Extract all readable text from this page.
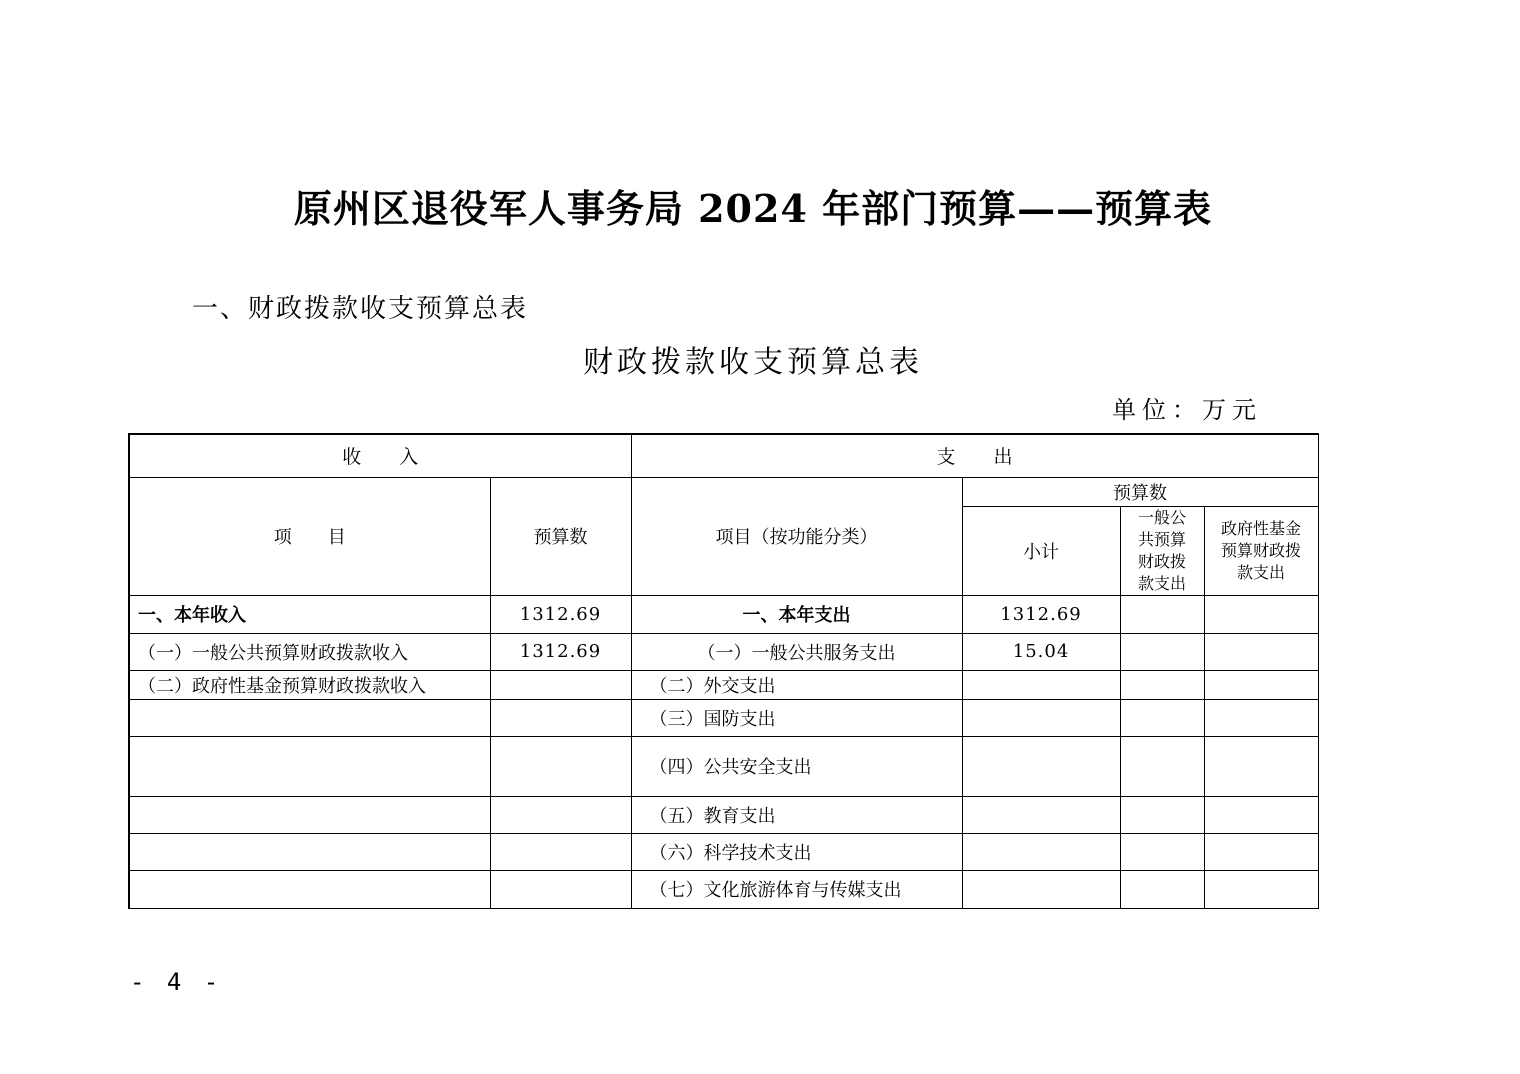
原州区退役军人事务局 2024 年部门预算——预算表
一、财政拨款收支预算总表
财政拨款收支预算总表
单位：万元
收　　入		支　　出			
项　　目	预算数	项目（按功能分类）	预算数		
			小计	一般公共预算财政拨款支出	政府性基金预算财政拨款支出
一、本年收入	1312.69	一、本年支出	1312.69		
（一）一般公共预算财政拨款收入	1312.69	（一）一般公共服务支出	15.04		
（二）政府性基金预算财政拨款收入		（二）外交支出			
		（三）国防支出			
		（四）公共安全支出			
		（五）教育支出			
		（六）科学技术支出			
		（七）文化旅游体育与传媒支出			
- 4 -
